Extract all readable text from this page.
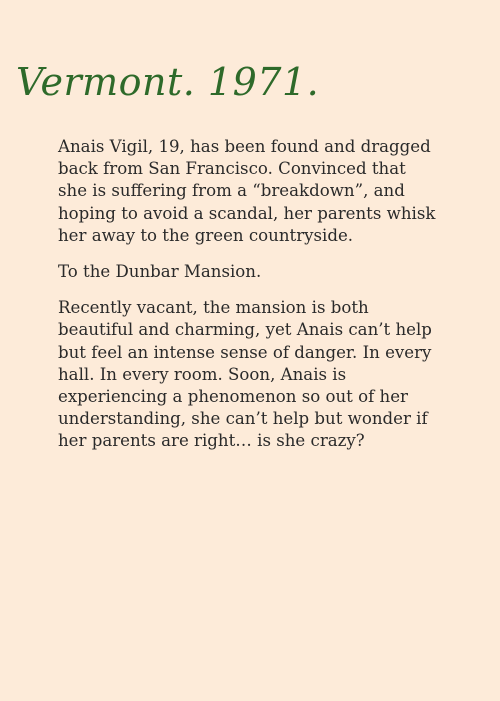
Vermont. 1971.

Anais Vigil, 19, has been found and dragged back from San Francisco. Convinced that she is suffering from a “breakdown”, and hoping to avoid a scandal, her parents whisk her away to the green countryside.

To the Dunbar Mansion.

Recently vacant, the mansion is both beautiful and charming, yet Anais can’t help but feel an intense sense of danger. In every hall. In every room. Soon, Anais is experiencing a phenomenon so out of her understanding, she can’t help but wonder if her parents are right… is she crazy?
